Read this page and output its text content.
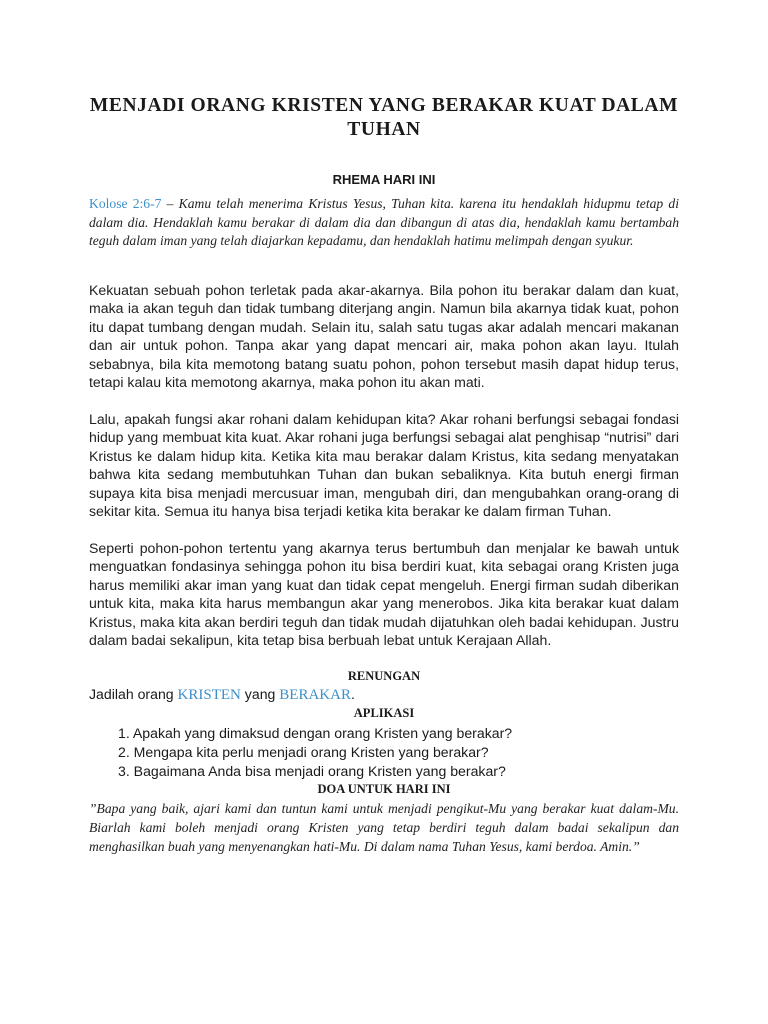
MENJADI ORANG KRISTEN YANG BERAKAR KUAT DALAM TUHAN

RHEMA HARI INI

Kolose 2:6-7 – Kamu telah menerima Kristus Yesus, Tuhan kita. karena itu hendaklah hidupmu tetap di dalam dia. Hendaklah kamu berakar di dalam dia dan dibangun di atas dia, hendaklah kamu bertambah teguh dalam iman yang telah diajarkan kepadamu, dan hendaklah hatimu melimpah dengan syukur.

Kekuatan sebuah pohon terletak pada akar-akarnya. Bila pohon itu berakar dalam dan kuat, maka ia akan teguh dan tidak tumbang diterjang angin. Namun bila akarnya tidak kuat, pohon itu dapat tumbang dengan mudah. Selain itu, salah satu tugas akar adalah mencari makanan dan air untuk pohon. Tanpa akar yang dapat mencari air, maka pohon akan layu. Itulah sebabnya, bila kita memotong batang suatu pohon, pohon tersebut masih dapat hidup terus, tetapi kalau kita memotong akarnya, maka pohon itu akan mati.

Lalu, apakah fungsi akar rohani dalam kehidupan kita? Akar rohani berfungsi sebagai fondasi hidup yang membuat kita kuat. Akar rohani juga berfungsi sebagai alat penghisap “nutrisi” dari Kristus ke dalam hidup kita. Ketika kita mau berakar dalam Kristus, kita sedang menyatakan bahwa kita sedang membutuhkan Tuhan dan bukan sebaliknya. Kita butuh energi firman supaya kita bisa menjadi mercusuar iman, mengubah diri, dan mengubahkan orang-orang di sekitar kita. Semua itu hanya bisa terjadi ketika kita berakar ke dalam firman Tuhan.

Seperti pohon-pohon tertentu yang akarnya terus bertumbuh dan menjalar ke bawah untuk menguatkan fondasinya sehingga pohon itu bisa berdiri kuat, kita sebagai orang Kristen juga harus memiliki akar iman yang kuat dan tidak cepat mengeluh. Energi firman sudah diberikan untuk kita, maka kita harus membangun akar yang menerobos. Jika kita berakar kuat dalam Kristus, maka kita akan berdiri teguh dan tidak mudah dijatuhkan oleh badai kehidupan. Justru dalam badai sekalipun, kita tetap bisa berbuah lebat untuk Kerajaan Allah.

RENUNGAN

Jadilah orang KRISTEN yang BERAKAR.

APLIKASI

1. Apakah yang dimaksud dengan orang Kristen yang berakar?
2. Mengapa kita perlu menjadi orang Kristen yang berakar?
3. Bagaimana Anda bisa menjadi orang Kristen yang berakar?

DOA UNTUK HARI INI

”Bapa yang baik, ajari kami dan tuntun kami untuk menjadi pengikut-Mu yang berakar kuat dalam-Mu. Biarlah kami boleh menjadi orang Kristen yang tetap berdiri teguh dalam badai sekalipun dan menghasilkan buah yang menyenangkan hati-Mu. Di dalam nama Tuhan Yesus, kami berdoa. Amin.”
